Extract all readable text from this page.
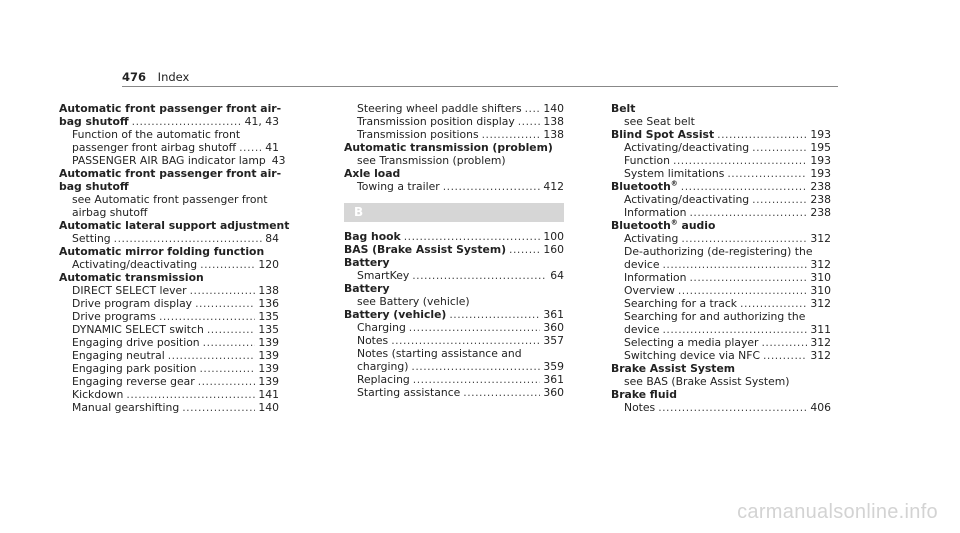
476 Index
Automatic front passenger front air-
bag shutoff .....	41, 43
Function of the automatic front
passenger front airbag shutoff .....	41
PASSENGER AIR BAG indicator lamp 43
Automatic front passenger front air-
bag shutoff
see Automatic front passenger front
airbag shutoff
Automatic lateral support adjustment
Setting .....	84
Automatic mirror folding function
Activating/deactivating .....	120
Automatic transmission
DIRECT SELECT lever .....	138
Drive program display .....	136
Drive programs .....	135
DYNAMIC SELECT switch .....	135
Engaging drive position .....	139
Engaging neutral .....	139
Engaging park position .....	139
Engaging reverse gear .....	139
Kickdown .....	141
Manual gearshifting .....	140
Steering wheel paddle shifters ..... 140
Transmission position display .....	138
Transmission positions .....	138
Automatic transmission (problem)
see Transmission (problem)
Axle load
Towing a trailer .....	412
B
Bag hook .....	100
BAS (Brake Assist System) .....	160
Battery
SmartKey .....	64
Battery
see Battery (vehicle)
Battery (vehicle) .....	361
Charging .....	360
Notes .....	357
Notes (starting assistance and
charging) .....	359
Replacing .....	361
Starting assistance .....	360
Belt
see Seat belt
Blind Spot Assist .....	193
Activating/deactivating .....	195
Function .....	193
System limitations .....	193
Bluetooth® .....	238
Activating/deactivating .....	238
Information .....	238
Bluetooth® audio
Activating .....	312
De-authorizing (de-registering) the
device .....	312
Information .....	310
Overview .....	310
Searching for a track .....	312
Searching for and authorizing the
device .....	311
Selecting a media player .....	312
Switching device via NFC .....	312
Brake Assist System
see BAS (Brake Assist System)
Brake fluid
Notes .....	406
carmanualsonline.info
